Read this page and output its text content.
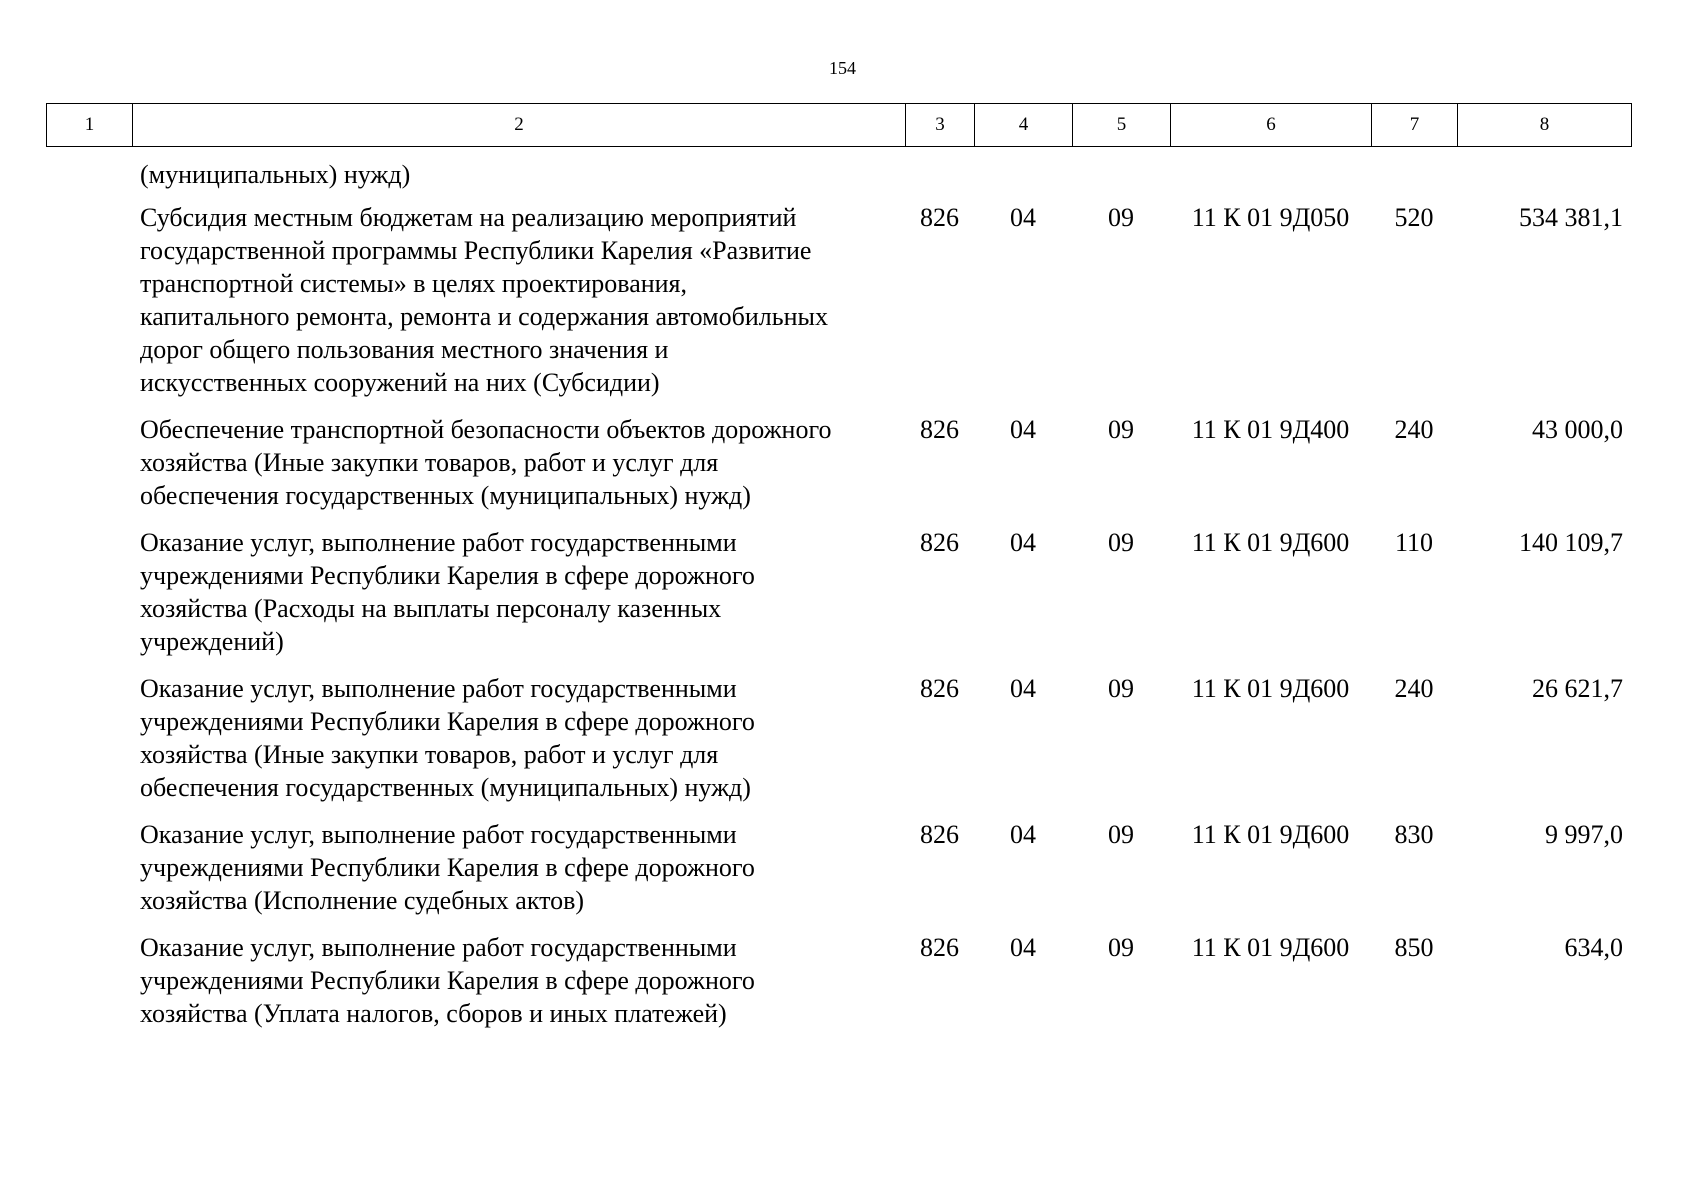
154
1	2	3	4	5	6	7	8
(муниципальных) нужд)
Субсидия местным бюджетам на реализацию мероприятий
государственной программы Республики Карелия «Развитие
транспортной системы» в целях проектирования,
капитального ремонта, ремонта и содержания автомобильных
дорог общего пользования местного значения и
искусственных сооружений на них (Субсидии)
826	04	09	11 К 01 9Д050	520	534 381,1
Обеспечение транспортной безопасности объектов дорожного
хозяйства (Иные закупки товаров, работ и услуг для
обеспечения государственных (муниципальных) нужд)
826	04	09	11 К 01 9Д400	240	43 000,0
Оказание услуг, выполнение работ государственными
учреждениями Республики Карелия в сфере дорожного
хозяйства (Расходы на выплаты персоналу казенных
учреждений)
826	04	09	11 К 01 9Д600	110	140 109,7
Оказание услуг, выполнение работ государственными
учреждениями Республики Карелия в сфере дорожного
хозяйства (Иные закупки товаров, работ и услуг для
обеспечения государственных (муниципальных) нужд)
826	04	09	11 К 01 9Д600	240	26 621,7
Оказание услуг, выполнение работ государственными
учреждениями Республики Карелия в сфере дорожного
хозяйства (Исполнение судебных актов)
826	04	09	11 К 01 9Д600	830	9 997,0
Оказание услуг, выполнение работ государственными
учреждениями Республики Карелия в сфере дорожного
хозяйства (Уплата налогов, сборов и иных платежей)
826	04	09	11 К 01 9Д600	850	634,0
